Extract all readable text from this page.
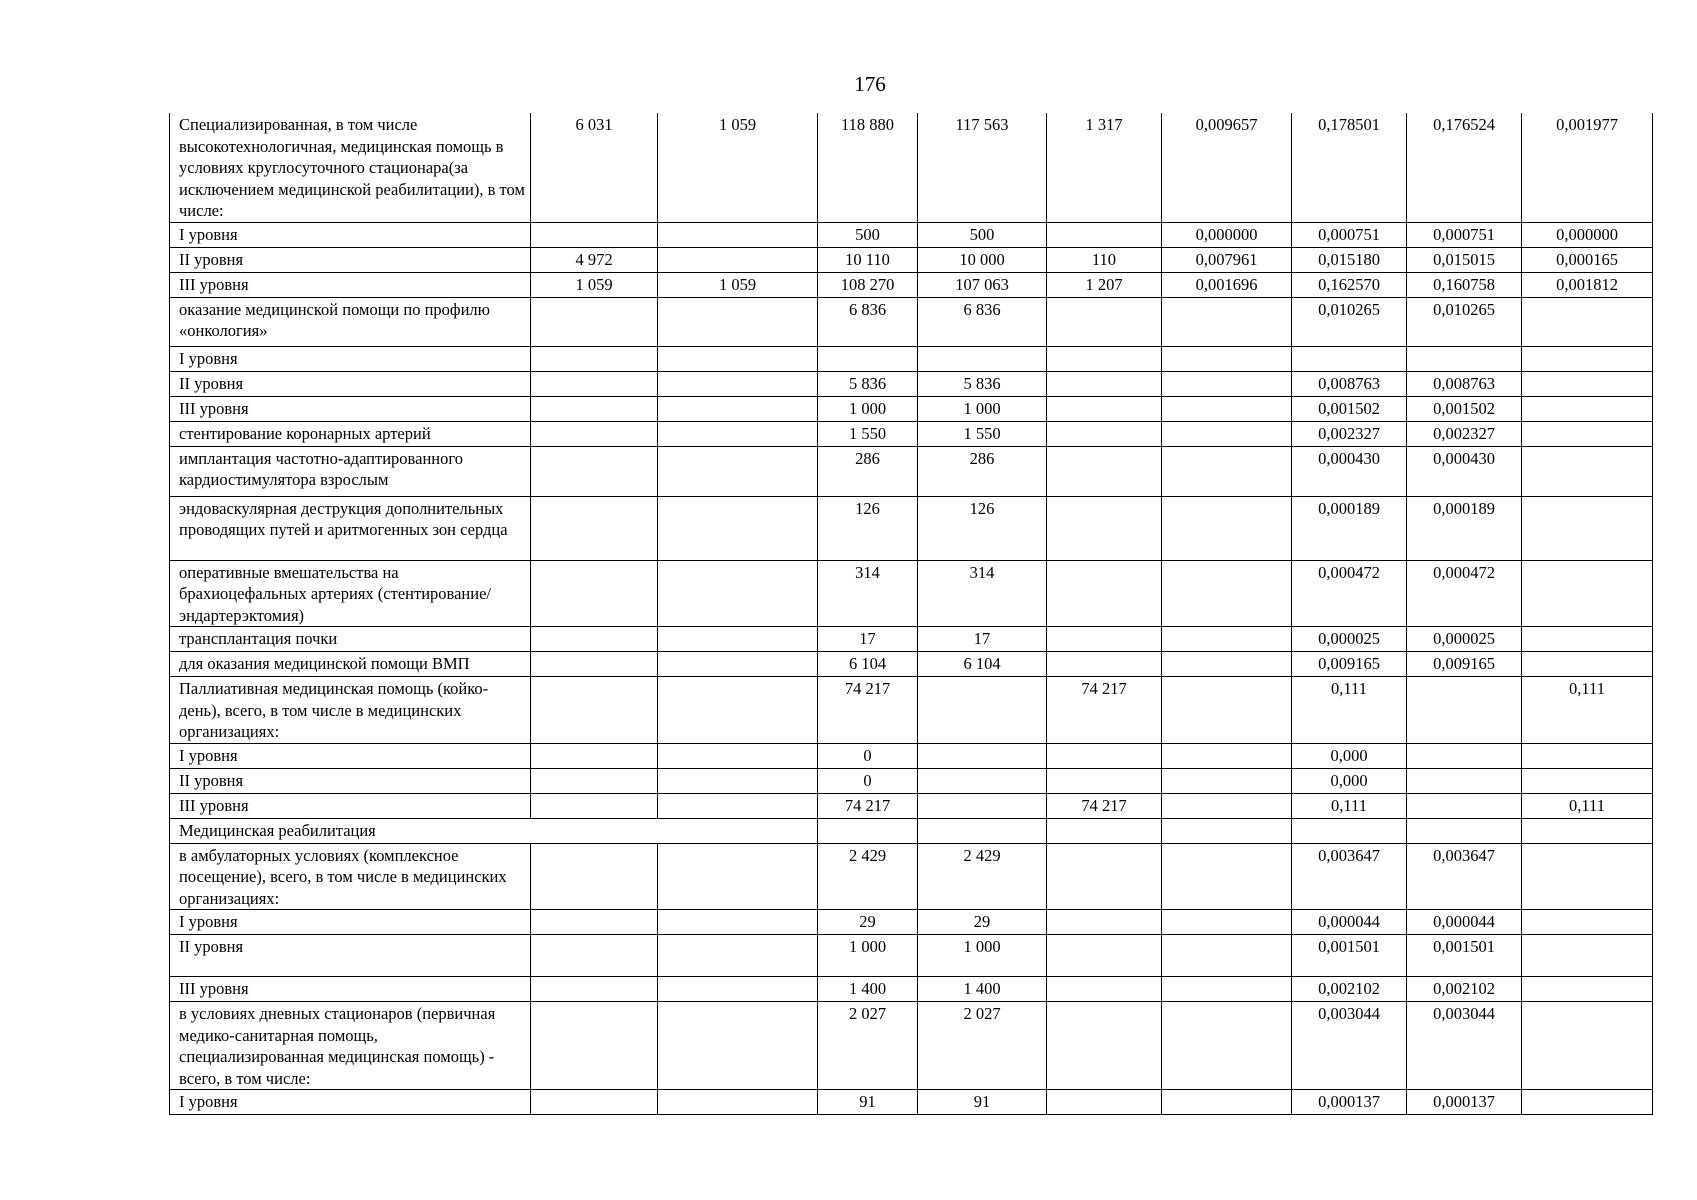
176
Специализированная, в том числе высокотехнологичная, медицинская помощь в условиях круглосуточного стационара(за исключением медицинской реабилитации), в том числе:	6 031	1 059	118 880	117 563	1 317	0,009657	0,178501	0,176524	0,001977
I уровня			500	500		0,000000	0,000751	0,000751	0,000000
II уровня	4 972		10 110	10 000	110	0,007961	0,015180	0,015015	0,000165
III уровня	1 059	1 059	108 270	107 063	1 207	0,001696	0,162570	0,160758	0,001812
оказание медицинской помощи по профилю «онкология»			6 836	6 836			0,010265	0,010265	
I уровня									
II уровня			5 836	5 836			0,008763	0,008763	
III уровня			1 000	1 000			0,001502	0,001502	
стентирование коронарных артерий			1 550	1 550			0,002327	0,002327	
имплантация частотно-адаптированного кардиостимулятора взрослым			286	286			0,000430	0,000430	
эндоваскулярная деструкция дополнительных проводящих путей и аритмогенных зон сердца			126	126			0,000189	0,000189	
оперативные вмешательства на брахиоцефальных артериях (стентирование/эндартерэктомия)			314	314			0,000472	0,000472	
трансплантация почки			17	17			0,000025	0,000025	
для оказания медицинской помощи ВМП			6 104	6 104			0,009165	0,009165	
Паллиативная медицинская помощь (койко-день), всего, в том числе в медицинских организациях:			74 217		74 217		0,111		0,111
I уровня			0				0,000		
II уровня			0				0,000		
III уровня			74 217		74 217		0,111		0,111
Медицинская реабилитация									
в амбулаторных условиях (комплексное посещение), всего, в том числе в медицинских организациях:			2 429	2 429			0,003647	0,003647	
I уровня			29	29			0,000044	0,000044	
II уровня			1 000	1 000			0,001501	0,001501	
III уровня			1 400	1 400			0,002102	0,002102	
в условиях дневных стационаров (первичная медико-санитарная помощь, специализированная медицинская помощь) - всего, в том числе:			2 027	2 027			0,003044	0,003044	
I уровня			91	91			0,000137	0,000137	
